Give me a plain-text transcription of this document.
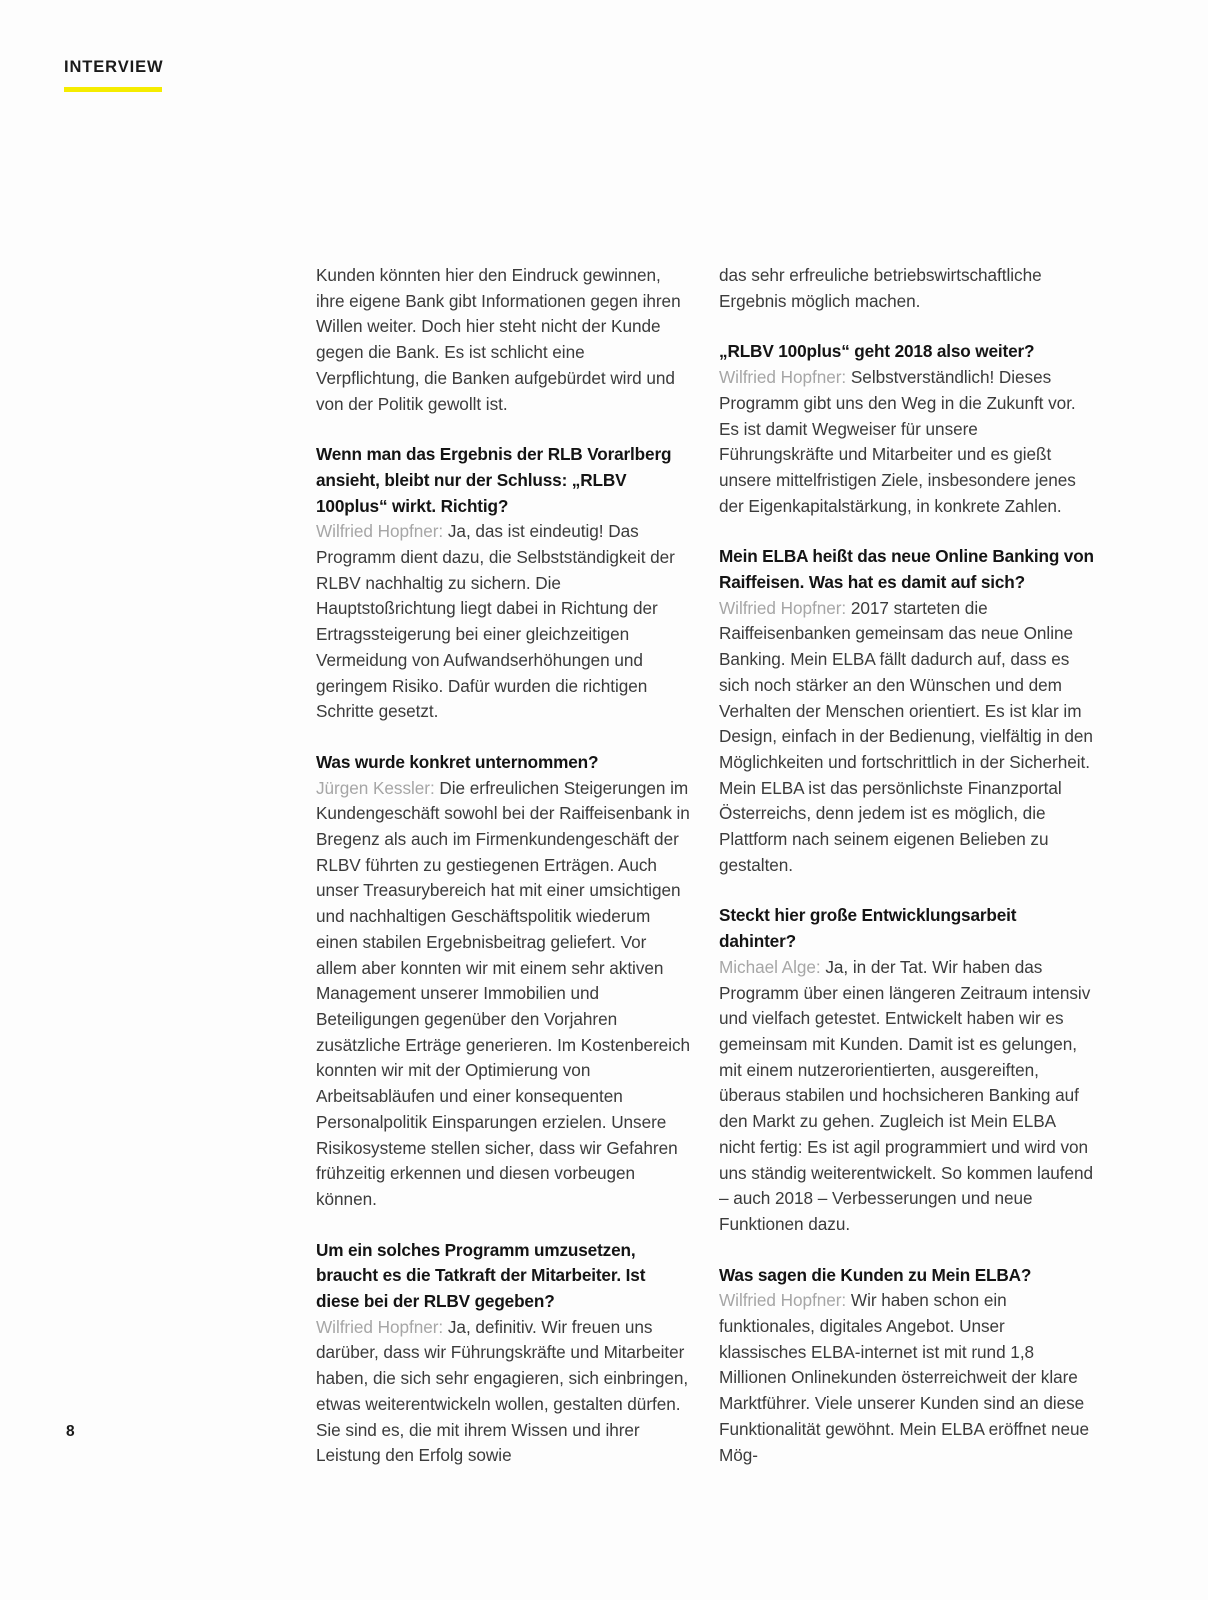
INTERVIEW

Kunden könnten hier den Eindruck gewinnen, ihre eigene Bank gibt Informationen gegen ihren Willen weiter. Doch hier steht nicht der Kunde gegen die Bank. Es ist schlicht eine Verpflichtung, die Banken aufgebürdet wird und von der Politik gewollt ist.

Wenn man das Ergebnis der RLB Vorarlberg ansieht, bleibt nur der Schluss: „RLBV 100plus“ wirkt. Richtig?

Wilfried Hopfner: Ja, das ist eindeutig! Das Programm dient dazu, die Selbstständigkeit der RLBV nachhaltig zu sichern. Die Hauptstoßrichtung liegt dabei in Richtung der Ertragssteigerung bei einer gleichzeitigen Vermeidung von Aufwandserhöhungen und geringem Risiko. Dafür wurden die richtigen Schritte gesetzt.

Was wurde konkret unternommen?

Jürgen Kessler: Die erfreulichen Steigerungen im Kundengeschäft sowohl bei der Raiffeisenbank in Bregenz als auch im Firmenkundengeschäft der RLBV führten zu gestiegenen Erträgen. Auch unser Treasurybereich hat mit einer umsichtigen und nachhaltigen Geschäftspolitik wiederum einen stabilen Ergebnisbeitrag geliefert. Vor allem aber konnten wir mit einem sehr aktiven Management unserer Immobilien und Beteiligungen gegenüber den Vorjahren zusätzliche Erträge generieren. Im Kostenbereich konnten wir mit der Optimierung von Arbeitsabläufen und einer konsequenten Personalpolitik Einsparungen erzielen. Unsere Risikosysteme stellen sicher, dass wir Gefahren frühzeitig erkennen und diesen vorbeugen können.

Um ein solches Programm umzusetzen, braucht es die Tatkraft der Mitarbeiter. Ist diese bei der RLBV gegeben?

Wilfried Hopfner: Ja, definitiv. Wir freuen uns darüber, dass wir Führungskräfte und Mitarbeiter haben, die sich sehr engagieren, sich einbringen, etwas weiterentwickeln wollen, gestalten dürfen. Sie sind es, die mit ihrem Wissen und ihrer Leistung den Erfolg sowie

das sehr erfreuliche betriebswirtschaftliche Ergebnis möglich machen.

„RLBV 100plus“ geht 2018 also weiter?

Wilfried Hopfner: Selbstverständlich! Dieses Programm gibt uns den Weg in die Zukunft vor. Es ist damit Wegweiser für unsere Führungskräfte und Mitarbeiter und es gießt unsere mittelfristigen Ziele, insbesondere jenes der Eigenkapitalstärkung, in konkrete Zahlen.

Mein ELBA heißt das neue Online Banking von Raiffeisen. Was hat es damit auf sich?

Wilfried Hopfner: 2017 starteten die Raiffeisenbanken gemeinsam das neue Online Banking. Mein ELBA fällt dadurch auf, dass es sich noch stärker an den Wünschen und dem Verhalten der Menschen orientiert. Es ist klar im Design, einfach in der Bedienung, vielfältig in den Möglichkeiten und fortschrittlich in der Sicherheit. Mein ELBA ist das persönlichste Finanzportal Österreichs, denn jedem ist es möglich, die Plattform nach seinem eigenen Belieben zu gestalten.

Steckt hier große Entwicklungsarbeit dahinter?

Michael Alge: Ja, in der Tat. Wir haben das Programm über einen längeren Zeitraum intensiv und vielfach getestet. Entwickelt haben wir es gemeinsam mit Kunden. Damit ist es gelungen, mit einem nutzerorientierten, ausgereiften, überaus stabilen und hochsicheren Banking auf den Markt zu gehen. Zugleich ist Mein ELBA nicht fertig: Es ist agil programmiert und wird von uns ständig weiterentwickelt. So kommen laufend – auch 2018 – Verbesserungen und neue Funktionen dazu.

Was sagen die Kunden zu Mein ELBA?

Wilfried Hopfner: Wir haben schon ein funktionales, digitales Angebot. Unser klassisches ELBA-internet ist mit rund 1,8 Millionen Onlinekunden österreichweit der klare Marktführer. Viele unserer Kunden sind an diese Funktionalität gewöhnt. Mein ELBA eröffnet neue Mög-

8
